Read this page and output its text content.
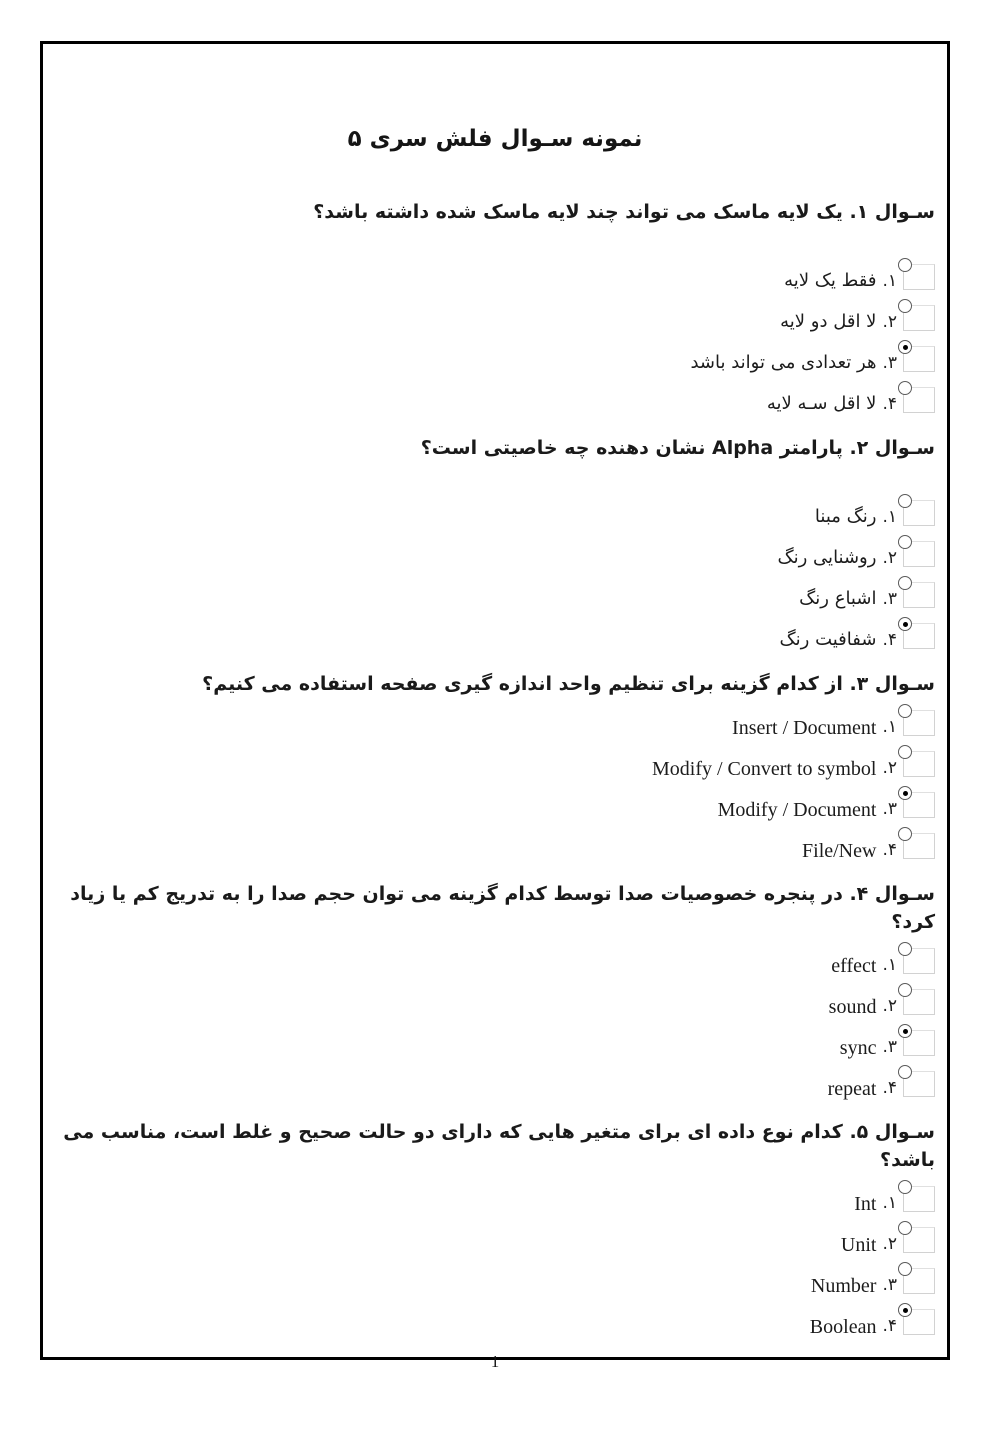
نمونه سـوال فلش سری ۵

سـوال ۱. یک لایه ماسک می تواند چند لایه ماسک شده داشته باشد؟

۱.
فقط یک لایه
۲.
لا اقل دو لایه
۳.
هر تعدادی می تواند باشد
۴.
لا اقل سـه لایه

سـوال ۲. پارامتر Alpha نشان دهنده چه خاصیتی است؟

۱.
رنگ مبنا
۲.
روشنایی رنگ
۳.
اشباع رنگ
۴.
شفافیت رنگ

سـوال ۳. از کدام گزینه برای تنظیم واحد اندازه گیری صفحه استفاده می کنیم؟

۱.
Insert / Document
۲.
Modify / Convert to symbol
۳.
Modify / Document
۴.
File/New

سـوال ۴. در پنجره خصوصیات صدا توسط کدام گزینه می توان حجم صدا را به تدریج کم یا زیاد کرد؟

۱.
effect
۲.
sound
۳.
sync
۴.
repeat

سـوال ۵. کدام نوع داده ای برای متغیر هایی که دارای دو حالت صحیح و غلط است، مناسب می باشد؟

۱.
Int
۲.
Unit
۳.
Number
۴.
Boolean
1
